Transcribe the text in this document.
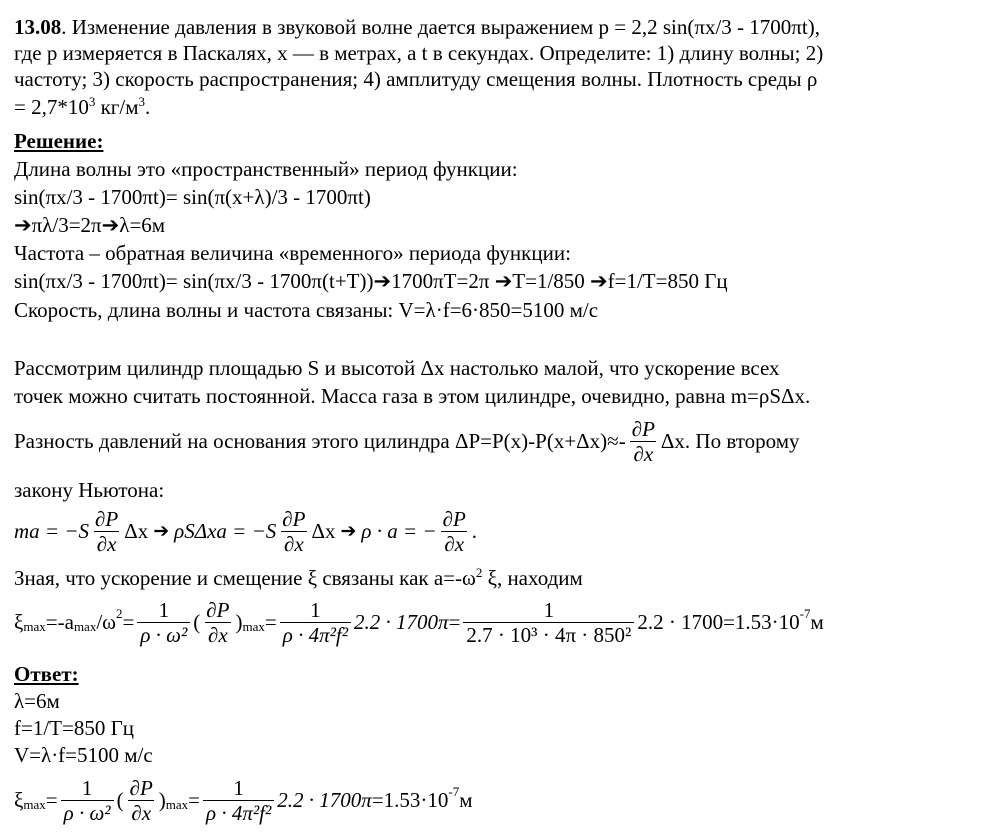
13.08. Изменение давления в звуковой волне дается выражением p = 2,2 sin(πx/3 - 1700πt),
где p измеряется в Паскалях, x — в метрах, a t в секундах. Определите: 1) длину волны; 2)
частоту; 3) скорость распространения; 4) амплитуду смещения волны. Плотность среды ρ
= $2,7*10^3$ $кг/м^3$.
Решение:
Длина волны это «пространственный» период функции:
sin(πx/3 - 1700πt)= sin(π(x+λ)/3 - 1700πt)
➔πλ/3=2π➔λ=6м
Частота – обратная величина «временного» периода функции:
sin(πx/3 - 1700πt)= sin(πx/3 - 1700π(t+T))➔1700πT=2π ➔T=1/850 ➔f=1/T=850 Гц
Скорость, длина волны и частота связаны: V=λ·f=6·850=5100 м/с
Рассмотрим цилиндр площадью S и высотой Δx настолько малой, что ускорение всех
точек можно считать постоянной. Масса газа в этом цилиндре, очевидно, равна m=ρSΔx.
Разность давлений на основания этого цилиндра $\Delta P=P(x)-P(x+\Delta x)\approx- \frac{\partial P}{\partial x}$ Δx . По второму
закону Ньютона:
ma = $-S \frac{\partial P}{\partial x}$ Δx ➔ $\rho S\Delta xa = -S \frac{\partial P}{\partial x}$ Δx ➔ ρ · a = − $\frac{\partial P}{\partial x}$ .
Зная, что ускорение и смещение ξ связаны как $a=-\omega^2$ ξ, находим
$\xi_{max} =-a_{max}$ $/\omega^2 = \frac{1}{\text{ρ · ω²}}$ ( $\frac{\partial P}{\partial x} )_{max} = \frac{1}{\text{ρ · 4π²f²}} 2.2 \cdot 1700\pi = \frac{1}{\text{2.7 · 10³ · 4π · 850²}} 2.2 \cdot 1700 =1.53\cdot 10^{-7}$ м
Ответ:
λ=6м
f=1/T=850 Гц
V=λ·f=5100 м/с
$\xi_{max} = \frac{1}{\text{ρ · ω²}}$ ( $\frac{\partial P}{\partial x} )_{max} = \frac{1}{\text{ρ · 4π²f²}} 2.2 \cdot 1700\pi =1.53\cdot 10^{-7}$ м
